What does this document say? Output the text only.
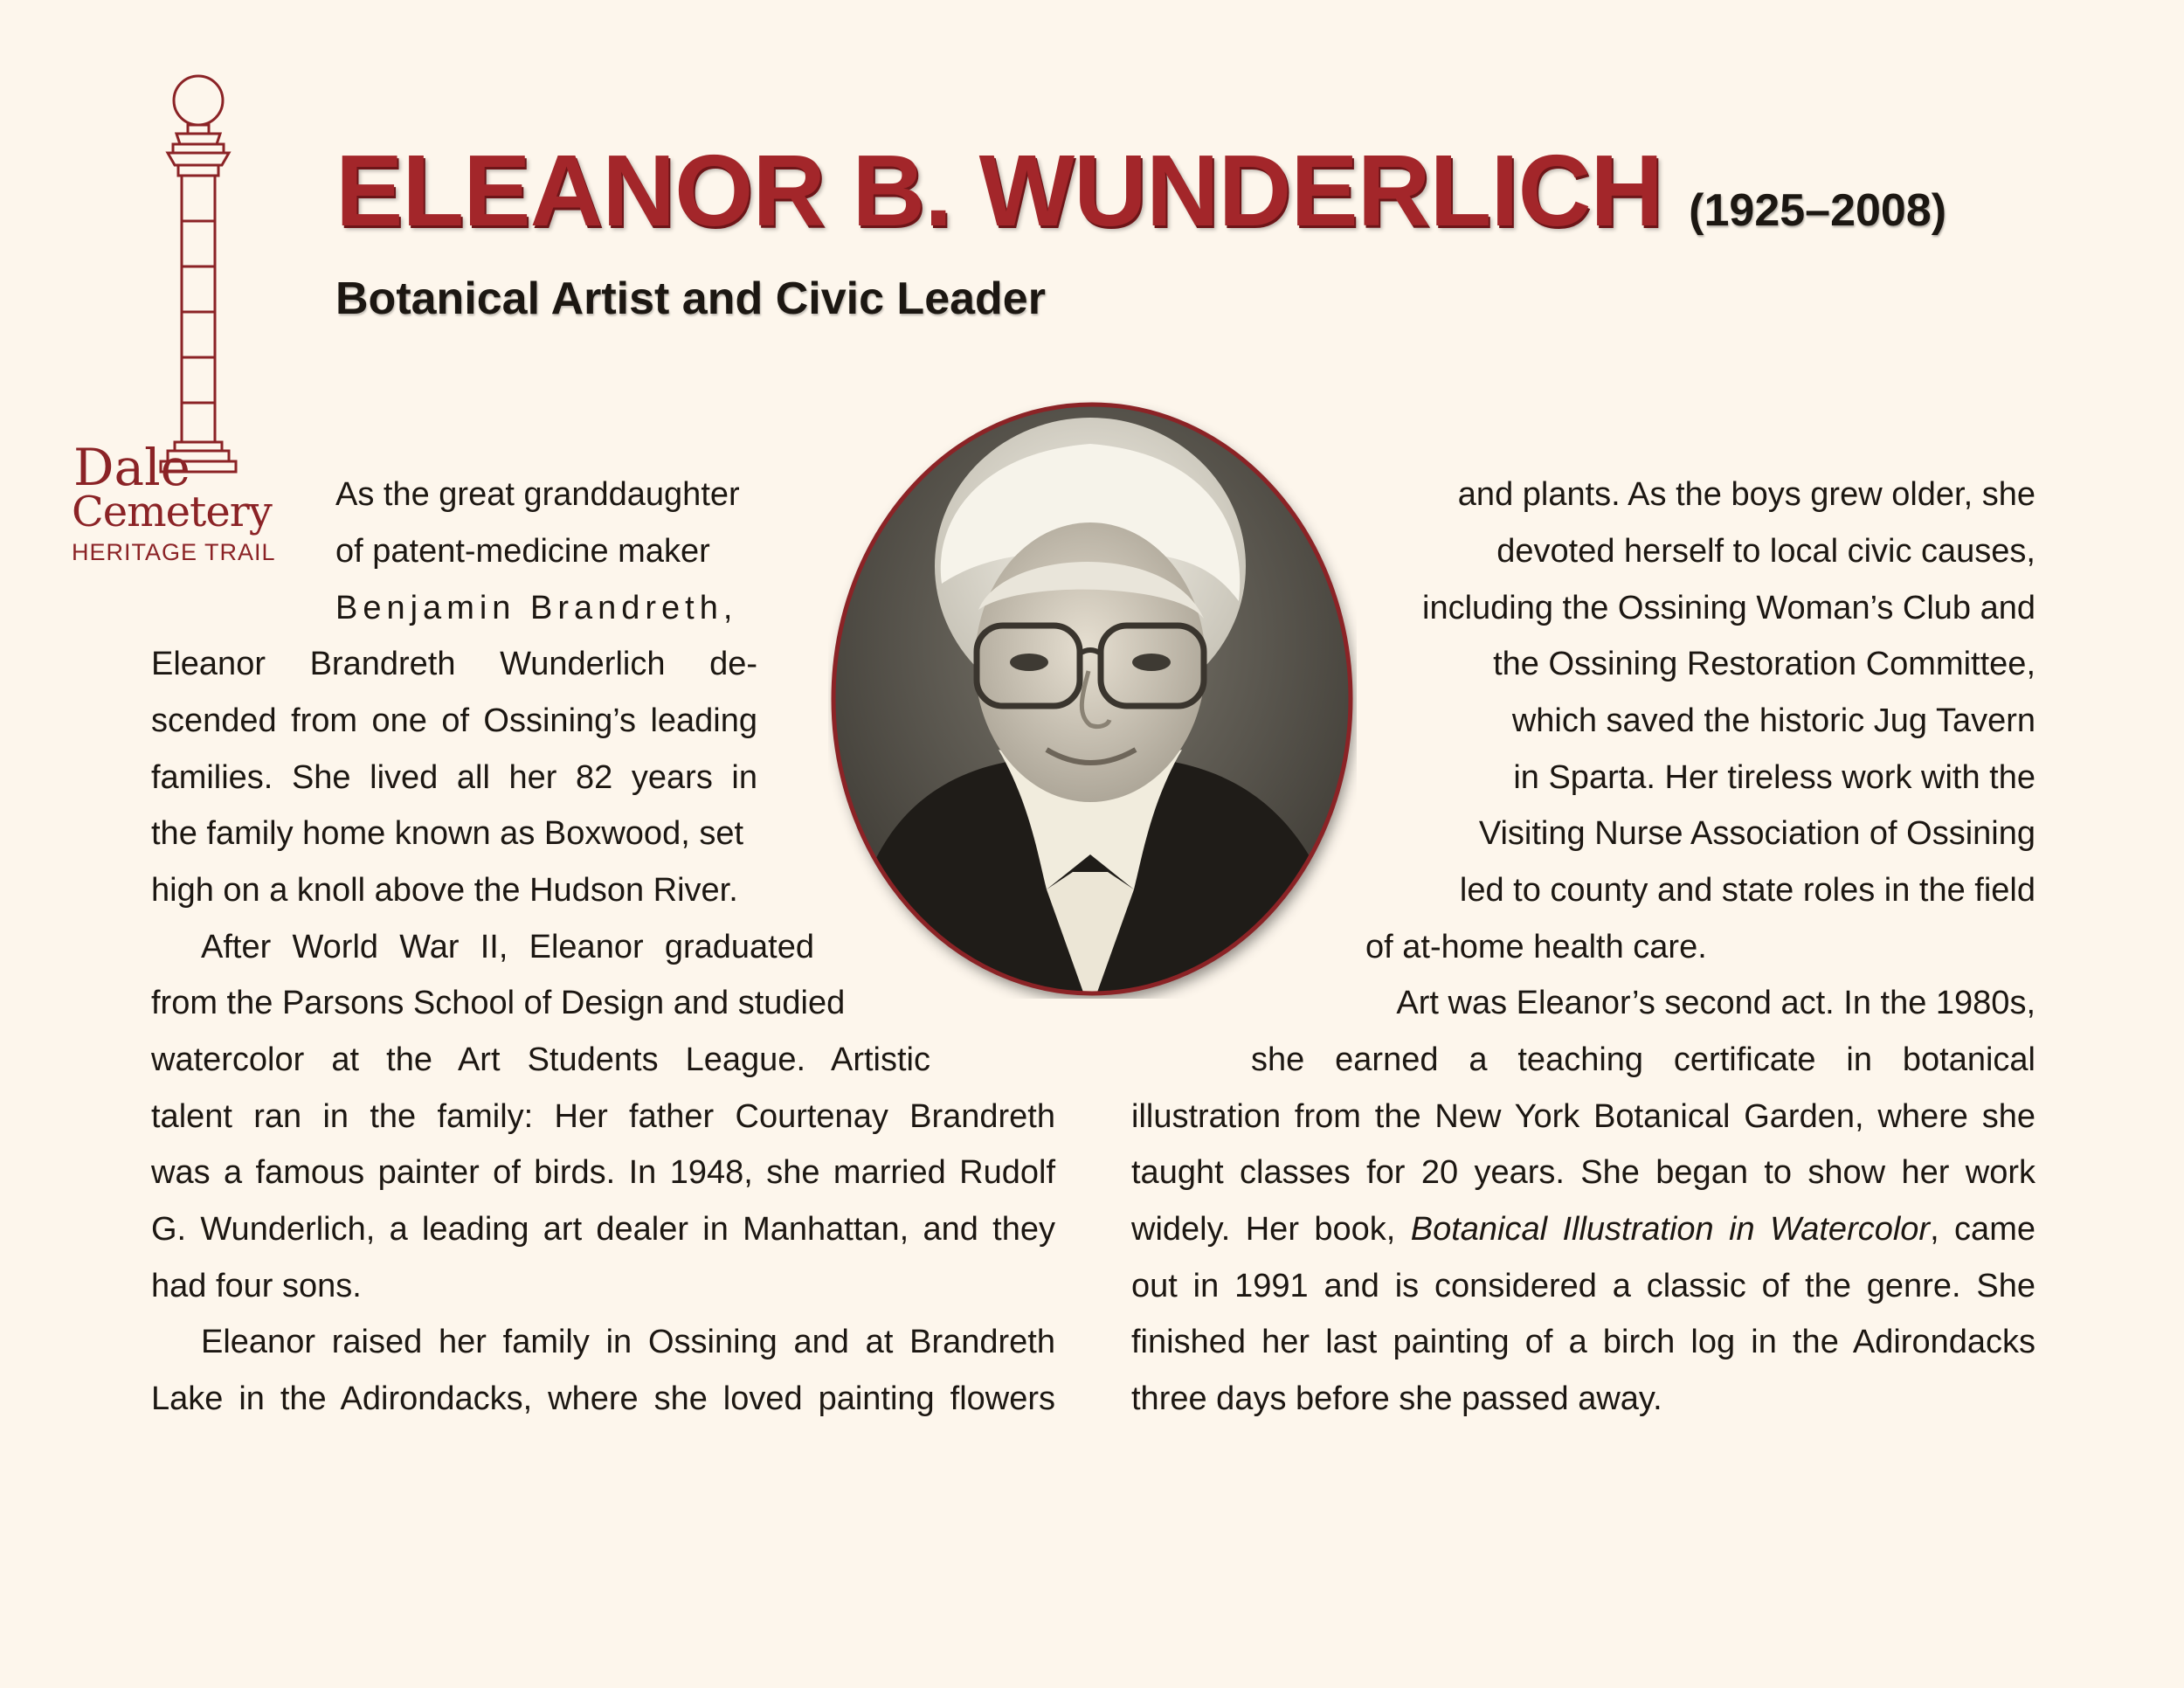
Dale
Cemetery
HERITAGE TRAIL
ELEANOR B. WUNDERLICH (1925–2008)
Botanical Artist and Civic Leader
As the great granddaughter
of patent-medicine maker
Benjamin Brandreth,
Eleanor Brandreth Wunderlich de-
scended from one of Ossining’s leading
families. She lived all her 82 years in
the family home known as Boxwood, set
high on a knoll above the Hudson River.
After World War II, Eleanor graduated
from the Parsons School of Design and studied
watercolor at the Art Students League. Artistic
talent ran in the family: Her father Courtenay Brandreth
was a famous painter of birds. In 1948, she married Rudolf
G. Wunderlich, a leading art dealer in Manhattan, and they
had four sons.
Eleanor raised her family in Ossining and at Brandreth
Lake in the Adirondacks, where she loved painting flowers
and plants. As the boys grew older, she
devoted herself to local civic causes,
including the Ossining Woman’s Club and
the Ossining Restoration Committee,
which saved the historic Jug Tavern
in Sparta. Her tireless work with the
Visiting Nurse Association of Ossining
led to county and state roles in the field
of at-home health care.
Art was Eleanor’s second act. In the 1980s,
she earned a teaching certificate in botanical
illustration from the New York Botanical Garden, where she
taught classes for 20 years. She began to show her work
widely. Her book, Botanical Illustration in Watercolor, came
out in 1991 and is considered a classic of the genre. She
finished her last painting of a birch log in the Adirondacks
three days before she passed away.
